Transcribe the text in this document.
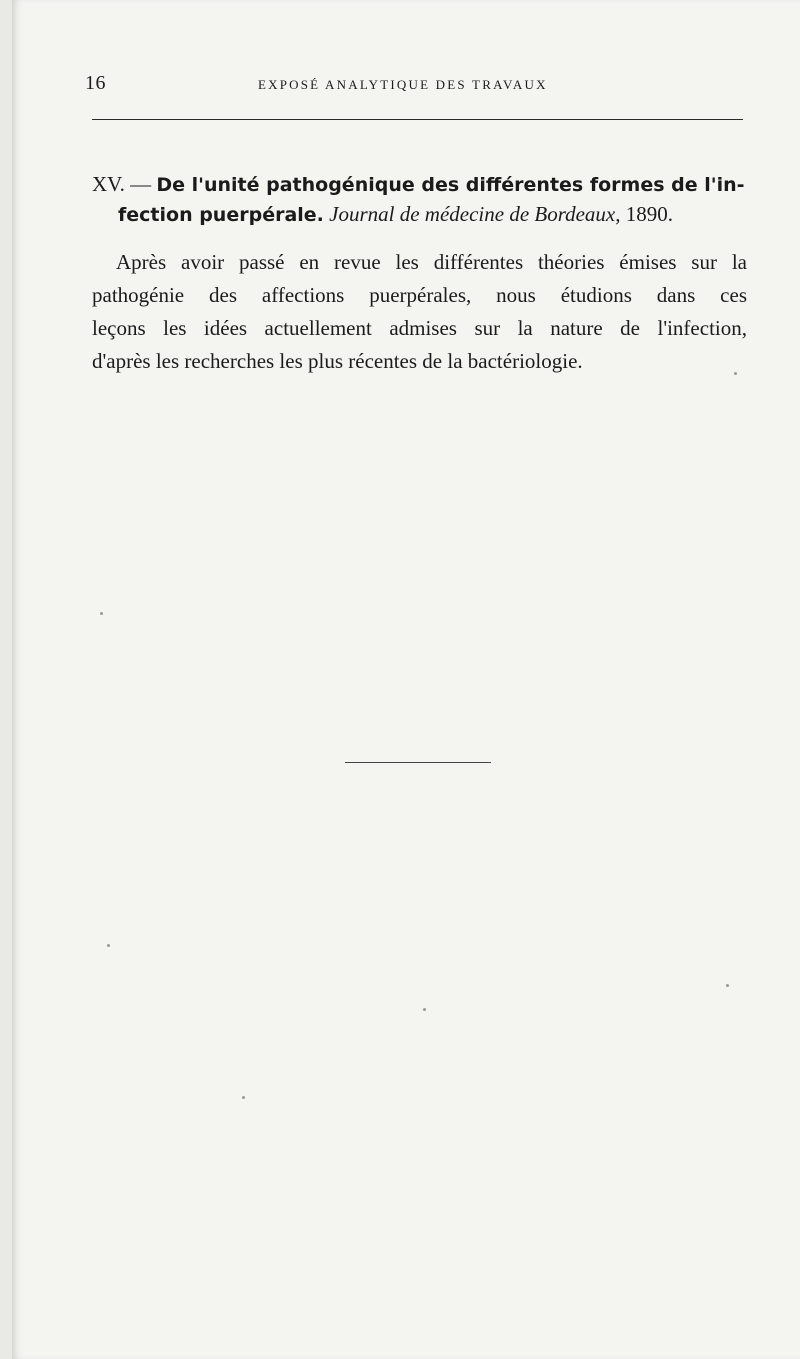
16	EXPOSÉ ANALYTIQUE DES TRAVAUX
XV. — De l'unité pathogénique des différentes formes de l'in-
fection puerpérale. Journal de médecine de Bordeaux, 1890.
Après avoir passé en revue les différentes théories émises sur la
pathogénie des affections puerpérales, nous étudions dans ces
leçons les idées actuellement admises sur la nature de l'infection,
d'après les recherches les plus récentes de la bactériologie.
